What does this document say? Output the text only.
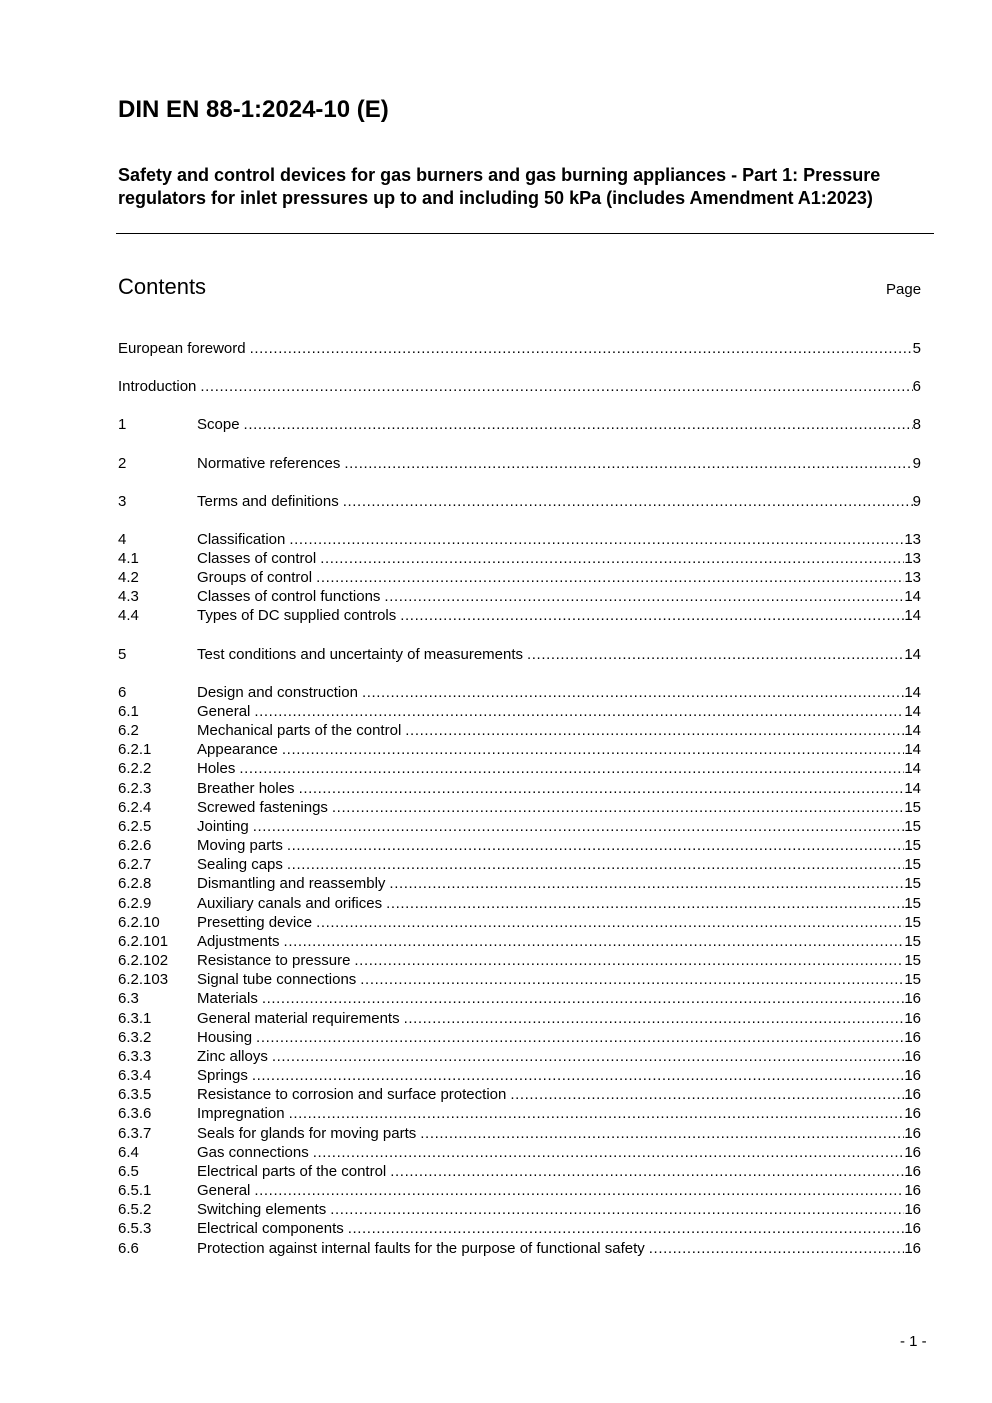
DIN EN 88-1:2024-10 (E)
Safety and control devices for gas burners and gas burning appliances - Part 1: Pressure regulators for inlet pressures up to and including 50 kPa (includes Amendment A1:2023)
Contents	Page
European foreword .....	5
Introduction .....	6
1	Scope .....	8
2	Normative references .....	9
3	Terms and definitions .....	9
4	Classification .....	13
4.1	Classes of control .....	13
4.2	Groups of control .....	13
4.3	Classes of control functions .....	14
4.4	Types of DC supplied controls .....	14
5	Test conditions and uncertainty of measurements .....	14
6	Design and construction .....	14
6.1	General .....	14
6.2	Mechanical parts of the control .....	14
6.2.1	Appearance .....	14
6.2.2	Holes .....	14
6.2.3	Breather holes .....	14
6.2.4	Screwed fastenings .....	15
6.2.5	Jointing .....	15
6.2.6	Moving parts .....	15
6.2.7	Sealing caps .....	15
6.2.8	Dismantling and reassembly .....	15
6.2.9	Auxiliary canals and orifices .....	15
6.2.10	Presetting device .....	15
6.2.101	Adjustments .....	15
6.2.102	Resistance to pressure .....	15
6.2.103	Signal tube connections .....	15
6.3	Materials .....	16
6.3.1	General material requirements .....	16
6.3.2	Housing .....	16
6.3.3	Zinc alloys .....	16
6.3.4	Springs .....	16
6.3.5	Resistance to corrosion and surface protection .....	16
6.3.6	Impregnation .....	16
6.3.7	Seals for glands for moving parts .....	16
6.4	Gas connections .....	16
6.5	Electrical parts of the control .....	16
6.5.1	General .....	16
6.5.2	Switching elements .....	16
6.5.3	Electrical components .....	16
6.6	Protection against internal faults for the purpose of functional safety .....	16
- 1 -
